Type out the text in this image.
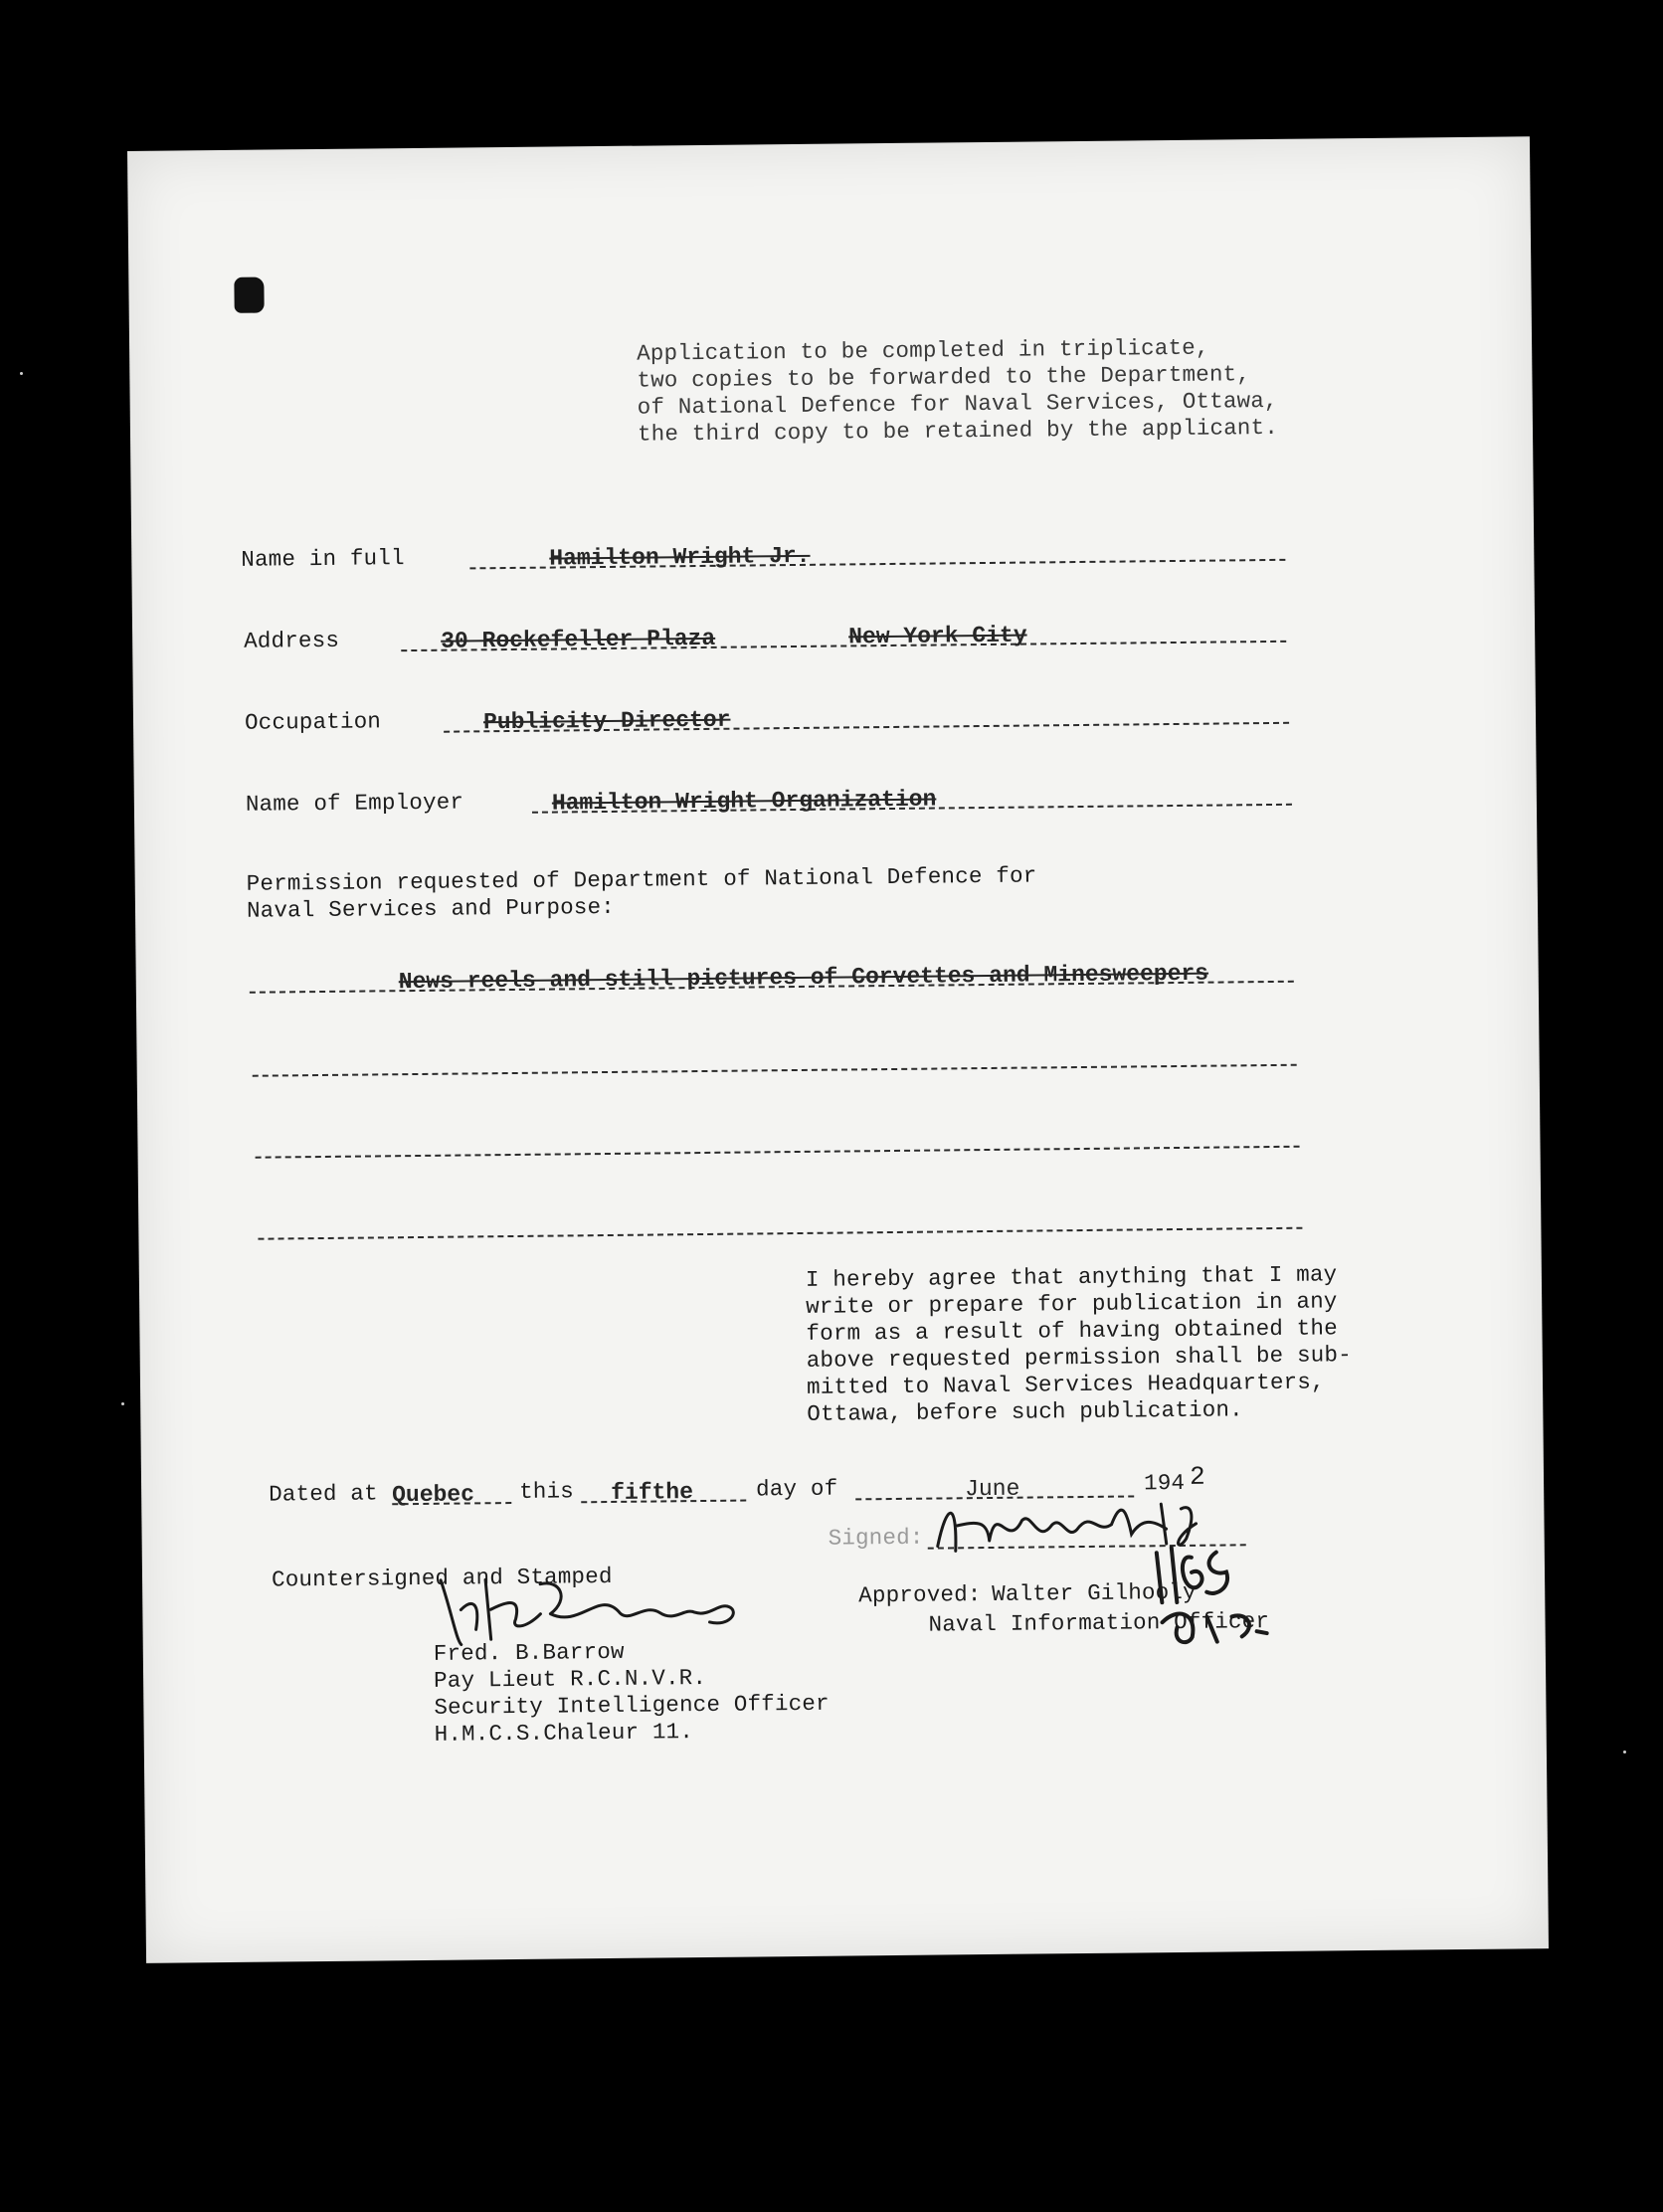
Application to be completed in triplicate,
two copies to be forwarded to the Department,
of National Defence for Naval Services, Ottawa,
the third copy to be retained by the applicant.
Name in full	Hamilton Wright Jr.
Address	30 Rockefeller Plaza	New York City
Occupation	Publicity Director
Name of Employer	Hamilton Wright Organization
Permission requested of Department of National Defence for
Naval Services and Purpose:
News reels and still pictures of Corvettes and Minesweepers
I hereby agree that anything that I may
write or prepare for publication in any
form as a result of having obtained the
above requested permission shall be sub-
mitted to Naval Services Headquarters,
Ottawa, before such publication.
Dated at Quebec this fifthe	day of	June	194 2
Signed:
Countersigned and Stamped
Approved: Walter Gilhooly
Naval Information Officer
Fred. B.Barrow
Pay Lieut R.C.N.V.R.
Security Intelligence Officer
H.M.C.S.Chaleur 11.
